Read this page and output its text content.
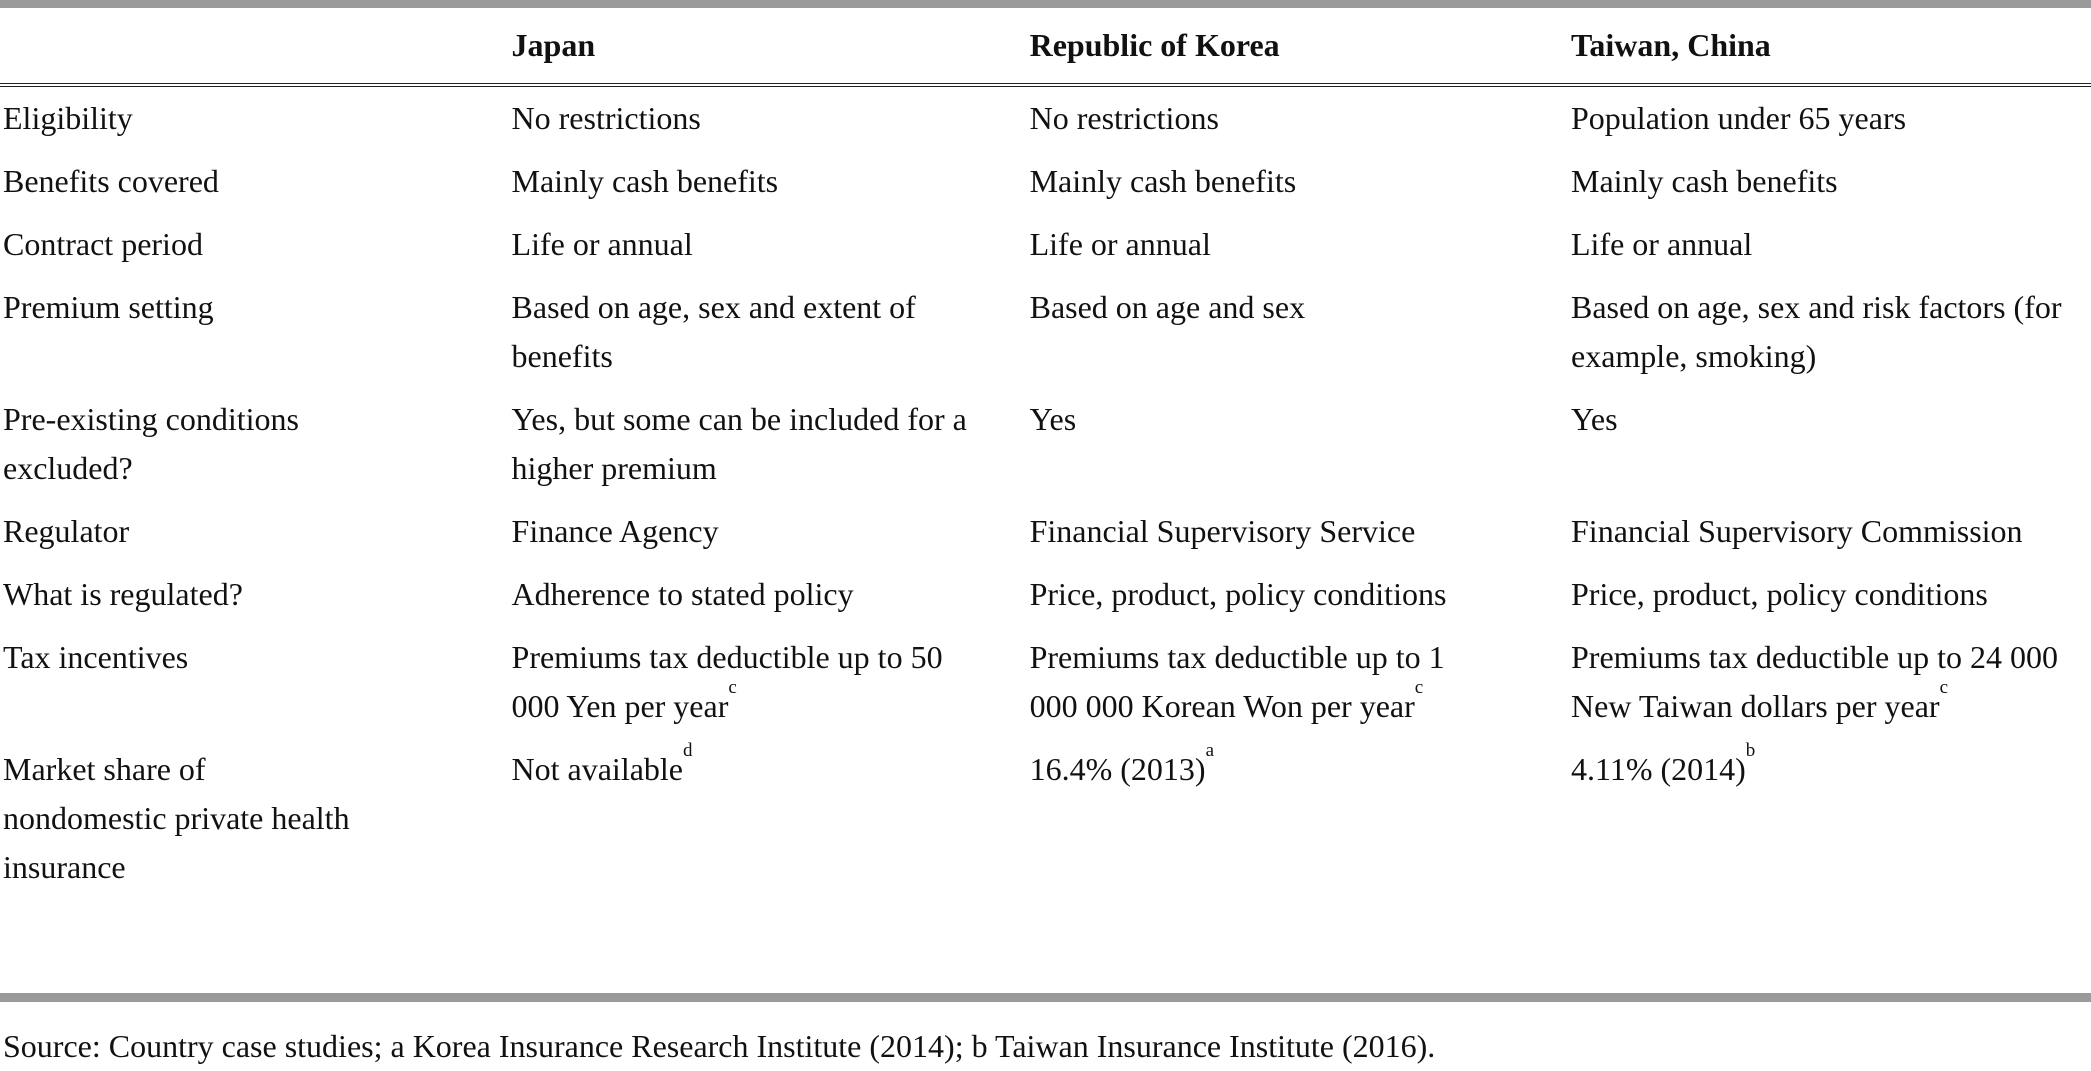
	Japan	Republic of Korea	Taiwan, China

Eligibility	No restrictions	No restrictions	Population under 65 years

Benefits covered	Mainly cash benefits	Mainly cash benefits	Mainly cash benefits

Contract period	Life or annual	Life or annual	Life or annual

Premium setting	Based on age, sex and extent of benefits	Based on age and sex	Based on age, sex and risk factors (for example, smoking)

Pre-existing conditions excluded?	Yes, but some can be included for a higher premium	Yes	Yes

Regulator	Finance Agency	Financial Supervisory Service	Financial Supervisory Commission

What is regulated?	Adherence to stated policy	Price, product, policy conditions	Price, product, policy conditions

Tax incentives	Premiums tax deductible up to 50 000 Yen per year$^c$	Premiums tax deductible up to 1 000 000 Korean Won per year$^c$	Premiums tax deductible up to 24 000 New Taiwan dollars per year$^c$

Market share of nondomestic private health insurance	Not available$^d$	16.4% $(2013)^a$	4.11% $(2014)^b$
Source: Country case studies; a Korea Insurance Research Institute (2014); b Taiwan Insurance Institute (2016).
